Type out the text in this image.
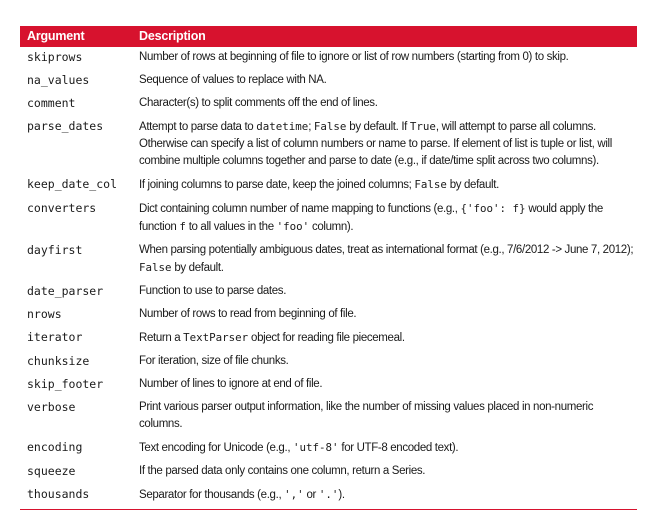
Argument	Description
skiprows	Number of rows at beginning of file to ignore or list of row numbers (starting from 0) to skip.
na_values	Sequence of values to replace with NA.
comment	Character(s) to split comments off the end of lines.
parse_dates	Attempt to parse data to datetime; False by default. If True, will attempt to parse all columns. Otherwise can specify a list of column numbers or name to parse. If element of list is tuple or list, will combine multiple columns together and parse to date (e.g., if date/time split across two columns).
keep_date_col	If joining columns to parse date, keep the joined columns; False by default.
converters	Dict containing column number of name mapping to functions (e.g., {'foo': f} would apply the function f to all values in the 'foo' column).
dayfirst	When parsing potentially ambiguous dates, treat as international format (e.g., 7/6/2012 -> June 7, 2012); False by default.
date_parser	Function to use to parse dates.
nrows	Number of rows to read from beginning of file.
iterator	Return a TextParser object for reading file piecemeal.
chunksize	For iteration, size of file chunks.
skip_footer	Number of lines to ignore at end of file.
verbose	Print various parser output information, like the number of missing values placed in non-numeric columns.
encoding	Text encoding for Unicode (e.g., 'utf-8' for UTF-8 encoded text).
squeeze	If the parsed data only contains one column, return a Series.
thousands	Separator for thousands (e.g., ',' or '.').
